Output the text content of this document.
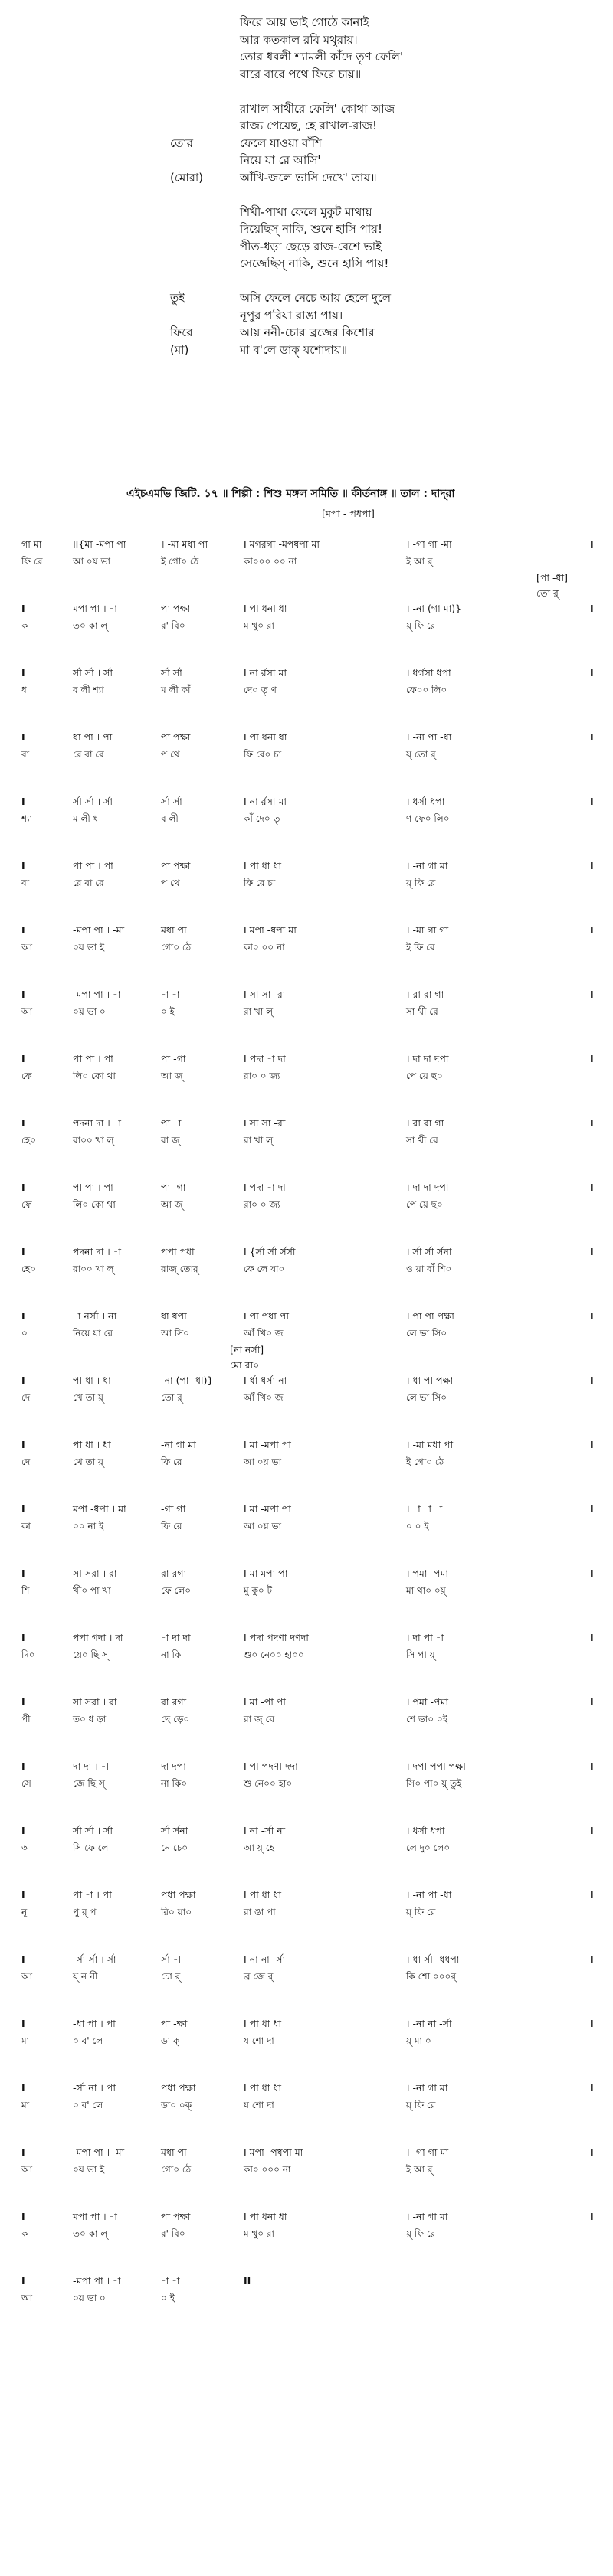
ফিরে আয় ভাই গোঠে কানাই
আর কতকাল রবি মথুরায়।
তোর ধবলী শ্যামলী কাঁদে তৃণ ফেলি'
বারে বারে পথে ফিরে চায়॥
রাখাল সাথীরে ফেলি' কোথা আজ
রাজ্য পেয়েছ, হে রাখাল-রাজ!
তোর	ফেলে যাওয়া বাঁশি
নিয়ে যা রে আসি'
(মোরা)	আঁখি-জলে ভাসি দেখে' তায়॥
শিখী-পাখা ফেলে মুকুট মাথায়
দিয়েছিস্‌ নাকি, শুনে হাসি পায়!
পীত-ধড়া ছেড়ে রাজ-বেশে ভাই
সেজেছিস্‌ নাকি, শুনে হাসি পায়!
তুই	অসি ফেলে নেচে আয় হেলে দুলে
নূপুর পরিয়া রাঙা পায়।
ফিরে	আয় ননী-চোর ব্রজের কিশোর
(মা)	মা ব'লে ডাক্‌ যশোদায়॥
এইচএমভি জিটি. ১৭ ॥ শিল্পী : শিশু মঙ্গল সমিতি ॥ কীর্তনাঙ্গ ॥ তাল : দাদ্‌রা
[মপা - পধপা]
গা মা	II{মা -মপা পা	। -মা মধা পা	I মগরগা -মপধপা মা	। -গা গা -মা	I
ফি রে	আ ০য় ভা	ই গো০ ঠে	কা০০০ ০০ না	ই আ র্‌
[পা -ধা]
তো র্‌
I	মপা পা । -া	পা পক্ষা	I পা ধনা ধা	। -না (গা মা)}	I
ক	ত০ কা ল্‌	র' বি০	ম থু০ রা	য়্‌ ফি রে
I	র্সা র্সা । র্সা	র্সা র্সা	I না র্রসা মা	। ধর্গসা ধপা	I
ধ	ব লী শ্যা	ম লী কাঁ	দে০ তৃ ণ	ফে০০ লি০
I	ধা পা । পা	পা পক্ষা	I পা ধনা ধা	। -না পা -ধা	I
বা	রে বা রে	প থে	ফি রে০ চা	য়্‌ তো র্‌
I	র্সা র্সা । র্সা	র্সা র্সা	I না র্রসা মা	। ধর্সা ধপা	I
শ্যা	ম লী ধ	ব লী	কাঁ দে০ তৃ	ণ ফে০ লি০
I	পা পা । পা	পা পক্ষা	I পা ধা ধা	। -না গা মা	I
বা	রে বা রে	প থে	ফি রে চা	য়্‌ ফি রে
I	-মপা পা । -মা	মধা পা	I মপা -ধপা মা	। -মা গা গা	I
আ	০য় ভা ই	গো০ ঠে	কা০ ০০ না	ই ফি রে
I	-মপা পা । -া	-া -া	I সা সা -রা	। রা রা গা	I
আ	০য় ভা ০	০ ই	রা খা ল্‌	সা থী রে
I	পা পা । পা	পা -গা	I পদা -া দা	। দা দা দপা	I
ফে	লি০ কো থা	আ জ্‌	রা০ ০ জ্য	পে য়ে ছ০
I	পদনা দা । -া	পা -া	I সা সা -রা	। রা রা গা	I
হে০	রা০০ খা ল্‌	রা জ্‌	রা খা ল্‌	সা থী রে
I	পা পা । পা	পা -গা	I পদা -া দা	। দা দা দপা	I
ফে	লি০ কো থা	আ জ্‌	রা০ ০ জ্য	পে য়ে ছ০
I	পদনা দা । -া	পপা পধা	I {র্সা র্সা র্সর্সা	। র্সা র্সা র্সনা	I
হে০	রা০০ খা ল্‌	রাজ্‌ তোর্‌	ফে লে যা০	ও য়া বাঁ শি০
I	-া নর্সা । না	ধা ধপা	I পা পধা পা	। পা পা পক্ষা	I
০	নিয়ে যা রে	আ সি০	আঁ খি০ জ	লে ভা সি০
[না নর্সা]
মো রা০
I	পা ধা । ধা	-না (পা -ধা)}	I র্ধা ধর্সা না	। ধা পা পক্ষা	I
দে	খে তা য়্‌	তো র্‌	আঁ খি০ জ	লে ভা সি০
I	পা ধা । ধা	-না গা মা	I মা -মপা পা	। -মা মধা পা	I
দে	খে তা য়্‌	ফি রে	আ ০য় ভা	ই গো০ ঠে
I	মপা -ধপা । মা	-গা গা	I মা -মপা পা	। -া -া -া	I
কা	০০ না ই	ফি রে	আ ০য় ভা	০ ০ ই
I	সা সরা । রা	রা রগা	I মা মপা পা	। পমা -পমা	I
শি	খী০ পা খা	ফে লে০	মু কু০ ট	মা থা০ ০য়্‌
I	পপা গদা । দা	-া দা দা	I পদা পদণা দণদা	। দা পা -া	I
দি০	য়ে০ ছি স্‌	না কি	শু০ নে০০ হা০০	সি পা য়্‌
I	সা সরা । রা	রা রগা	I মা -পা পা	। পমা -পমা	I
পী	ত০ ধ ড়া	ছে ড়ে০	রা জ্‌ বে	শে ভা০ ০ই
I	দা দা । -া	দা দপা	I পা পদণা দদা	। দপা পপা পক্ষা	I
সে	জে ছি স্‌	না কি০	শু নে০০ হা০	সি০ পা০ য়্‌ তুই
I	র্সা র্সা । র্সা	র্সা র্সনা	I না -র্সা না	। ধর্সা ধপা	I
অ	সি ফে লে	নে চে০	আ য়্‌ হে	লে দু০ লে০
I	পা -া । পা	পধা পক্ষা	I পা ধা ধা	। -না পা -ধা	I
নূ	পু র্‌ প	রি০ য়া০	রা ঙা পা	য়্‌ ফি রে
I	-র্সা র্সা । র্সা	র্সা -া	I না না -র্সা	। ধা র্সা -ধধপা	I
আ	য়্‌ ন নী	চো র্‌	ব্র জে র্‌	কি শো ০০০র্‌
I	-ধা পা । পা	পা -ক্ষা	I পা ধা ধা	। -না না -র্সা	I
মা	০ ব' লে	ডা ক্‌	য শো দা	য়্‌ মা ০
I	-র্সা না । পা	পধা পক্ষা	I পা ধা ধা	। -না গা মা	I
মা	০ ব' লে	ডা০ ০ক্‌	য শো দা	য়্‌ ফি রে
I	-মপা পা । -মা	মধা পা	I মপা -পধপা মা	। -গা গা মা	I
আ	০য় ভা ই	গো০ ঠে	কা০ ০০০ না	ই আ র্‌
I	মপা পা । -া	পা পক্ষা	I পা ধনা ধা	। -না গা মা	I
ক	ত০ কা ল্‌	র' বি০	ম থু০ রা	য়্‌ ফি রে
I	-মপা পা । -া	-া -া	II
আ	০য় ভা ০	০ ই
